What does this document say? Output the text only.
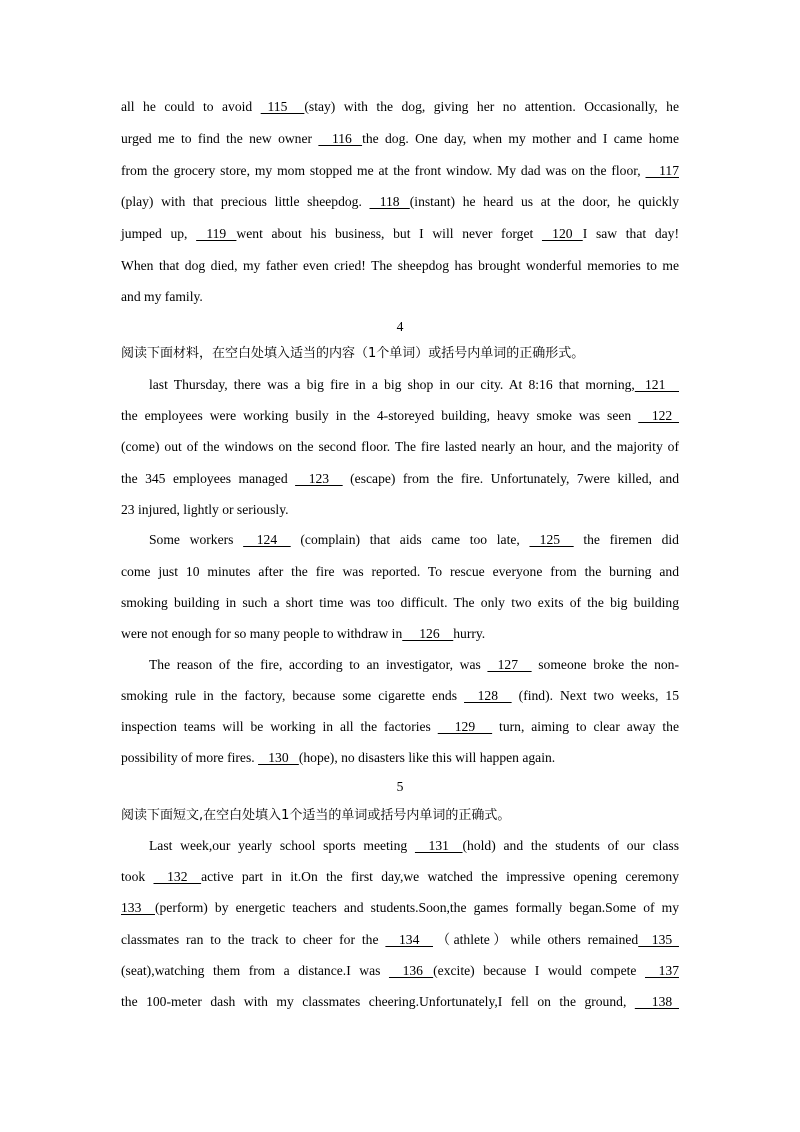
all he could to avoid   115     (stay) with the dog, giving her no attention. Occasionally, he
urged me to find the new owner     116   the dog. One day, when my mother and I came home
from the grocery store, my mom stopped me at the front window. My dad was on the floor,     117
(play) with that precious little sheepdog.    118   (instant) he heard us at the door, he quickly
jumped up,    119   went about his business, but I will never forget    120   I saw that day!
When that dog died, my father even cried! The sheepdog has brought wonderful memories to me
and my family.
4
阅读下面材料，在空白处填入适当的内容（1个单词）或括号内单词的正确形式。
last Thursday, there was a big fire in a big shop in our city. At 8:16 that morning,   121
the employees were working busily in the 4-storeyed building, heavy smoke was seen     122
(come) out of the windows on the second floor. The fire lasted nearly an hour, and the majority of
the 345 employees managed     123     (escape) from the fire. Unfortunately, 7were killed, and
23 injured, lightly or seriously.
Some workers     124     (complain) that aids came too late,    125     the firemen did
come just 10 minutes after the fire was reported. To rescue everyone from the burning and
smoking building in such a short time was too difficult. The only two exits of the big building
were not enough for so many people to withdraw in     126    hurry.
The reason of the fire, according to an investigator, was    127     someone broke the non-
smoking rule in the factory, because some cigarette ends     128     (find). Next two weeks, 15
inspection teams will be working in all the factories      129      turn, aiming to clear away the
possibility of more fires.    130   (hope), no disasters like this will happen again.
5
阅读下面短文,在空白处填入1个适当的单词或括号内单词的正确式。
Last week,our yearly school sports meeting     131    (hold) and the students of our class
took     132    active part in it.On the first day,we watched the impressive opening ceremony
133    (perform) by energetic teachers and students.Soon,the games formally began.Some of my
classmates ran to the track to cheer for the     134    （athlete）while others remained    135
(seat),watching them from a distance.I was     136   (excite) because I would compete     137
the 100-meter dash with my classmates cheering.Unfortunately,I fell on the ground,      138
